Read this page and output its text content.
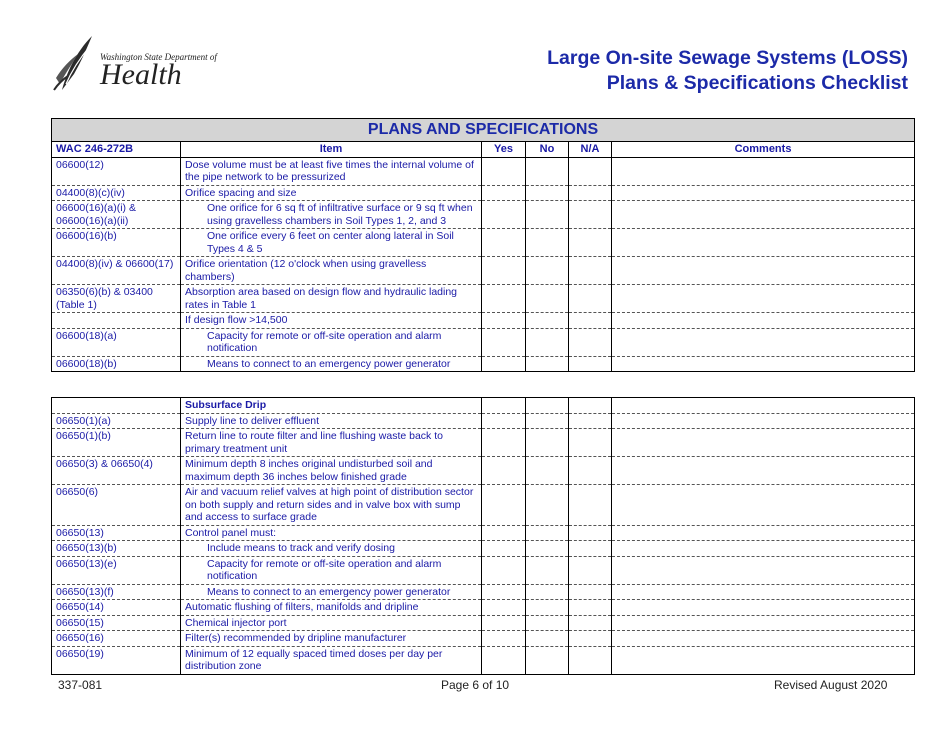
Washington State Department of
Health	Large On-site Sewage Systems (LOSS)
Plans & Specifications Checklist
PLANS AND SPECIFICATIONS					
WAC 246-272B	Item	Yes	No	N/A	Comments
06600(12)	Dose volume must be at least five times the internal volume of the pipe network to be pressurized				
04400(8)(c)(iv)	Orifice spacing and size				
06600(16)(a)(i) & 06600(16)(a)(ii)	One orifice for 6 sq ft of infiltrative surface or 9 sq ft when using gravelless chambers in Soil Types 1, 2, and 3				
06600(16)(b)	One orifice every 6 feet on center along lateral in Soil Types 4 & 5				
04400(8)(iv) & 06600(17)	Orifice orientation (12 o'clock when using gravelless chambers)				
06350(6)(b) & 03400 (Table 1)	Absorption area based on design flow and hydraulic lading rates in Table 1				
	If design flow >14,500				
06600(18)(a)	Capacity for remote or off-site operation and alarm notification				
06600(18)(b)	Means to connect to an emergency power generator				
	Subsurface Drip				
06650(1)(a)	Supply line to deliver effluent				
06650(1)(b)	Return line to route filter and line flushing waste back to primary treatment unit				
06650(3) & 06650(4)	Minimum depth 8 inches original undisturbed soil and maximum depth 36 inches below finished grade				
06650(6)	Air and vacuum relief valves at high point of distribution sector on both supply and return sides and in valve box with sump and access to surface grade				
06650(13)	Control panel must:				
06650(13)(b)	Include means to track and verify dosing				
06650(13)(e)	Capacity for remote or off-site operation and alarm notification				
06650(13)(f)	Means to connect to an emergency power generator				
06650(14)	Automatic flushing of filters, manifolds and dripline				
06650(15)	Chemical injector port				
06650(16)	Filter(s) recommended by dripline manufacturer				
06650(19)	Minimum of 12 equally spaced timed doses per day per distribution zone				
337-081	Page 6 of 10	Revised August 2020
